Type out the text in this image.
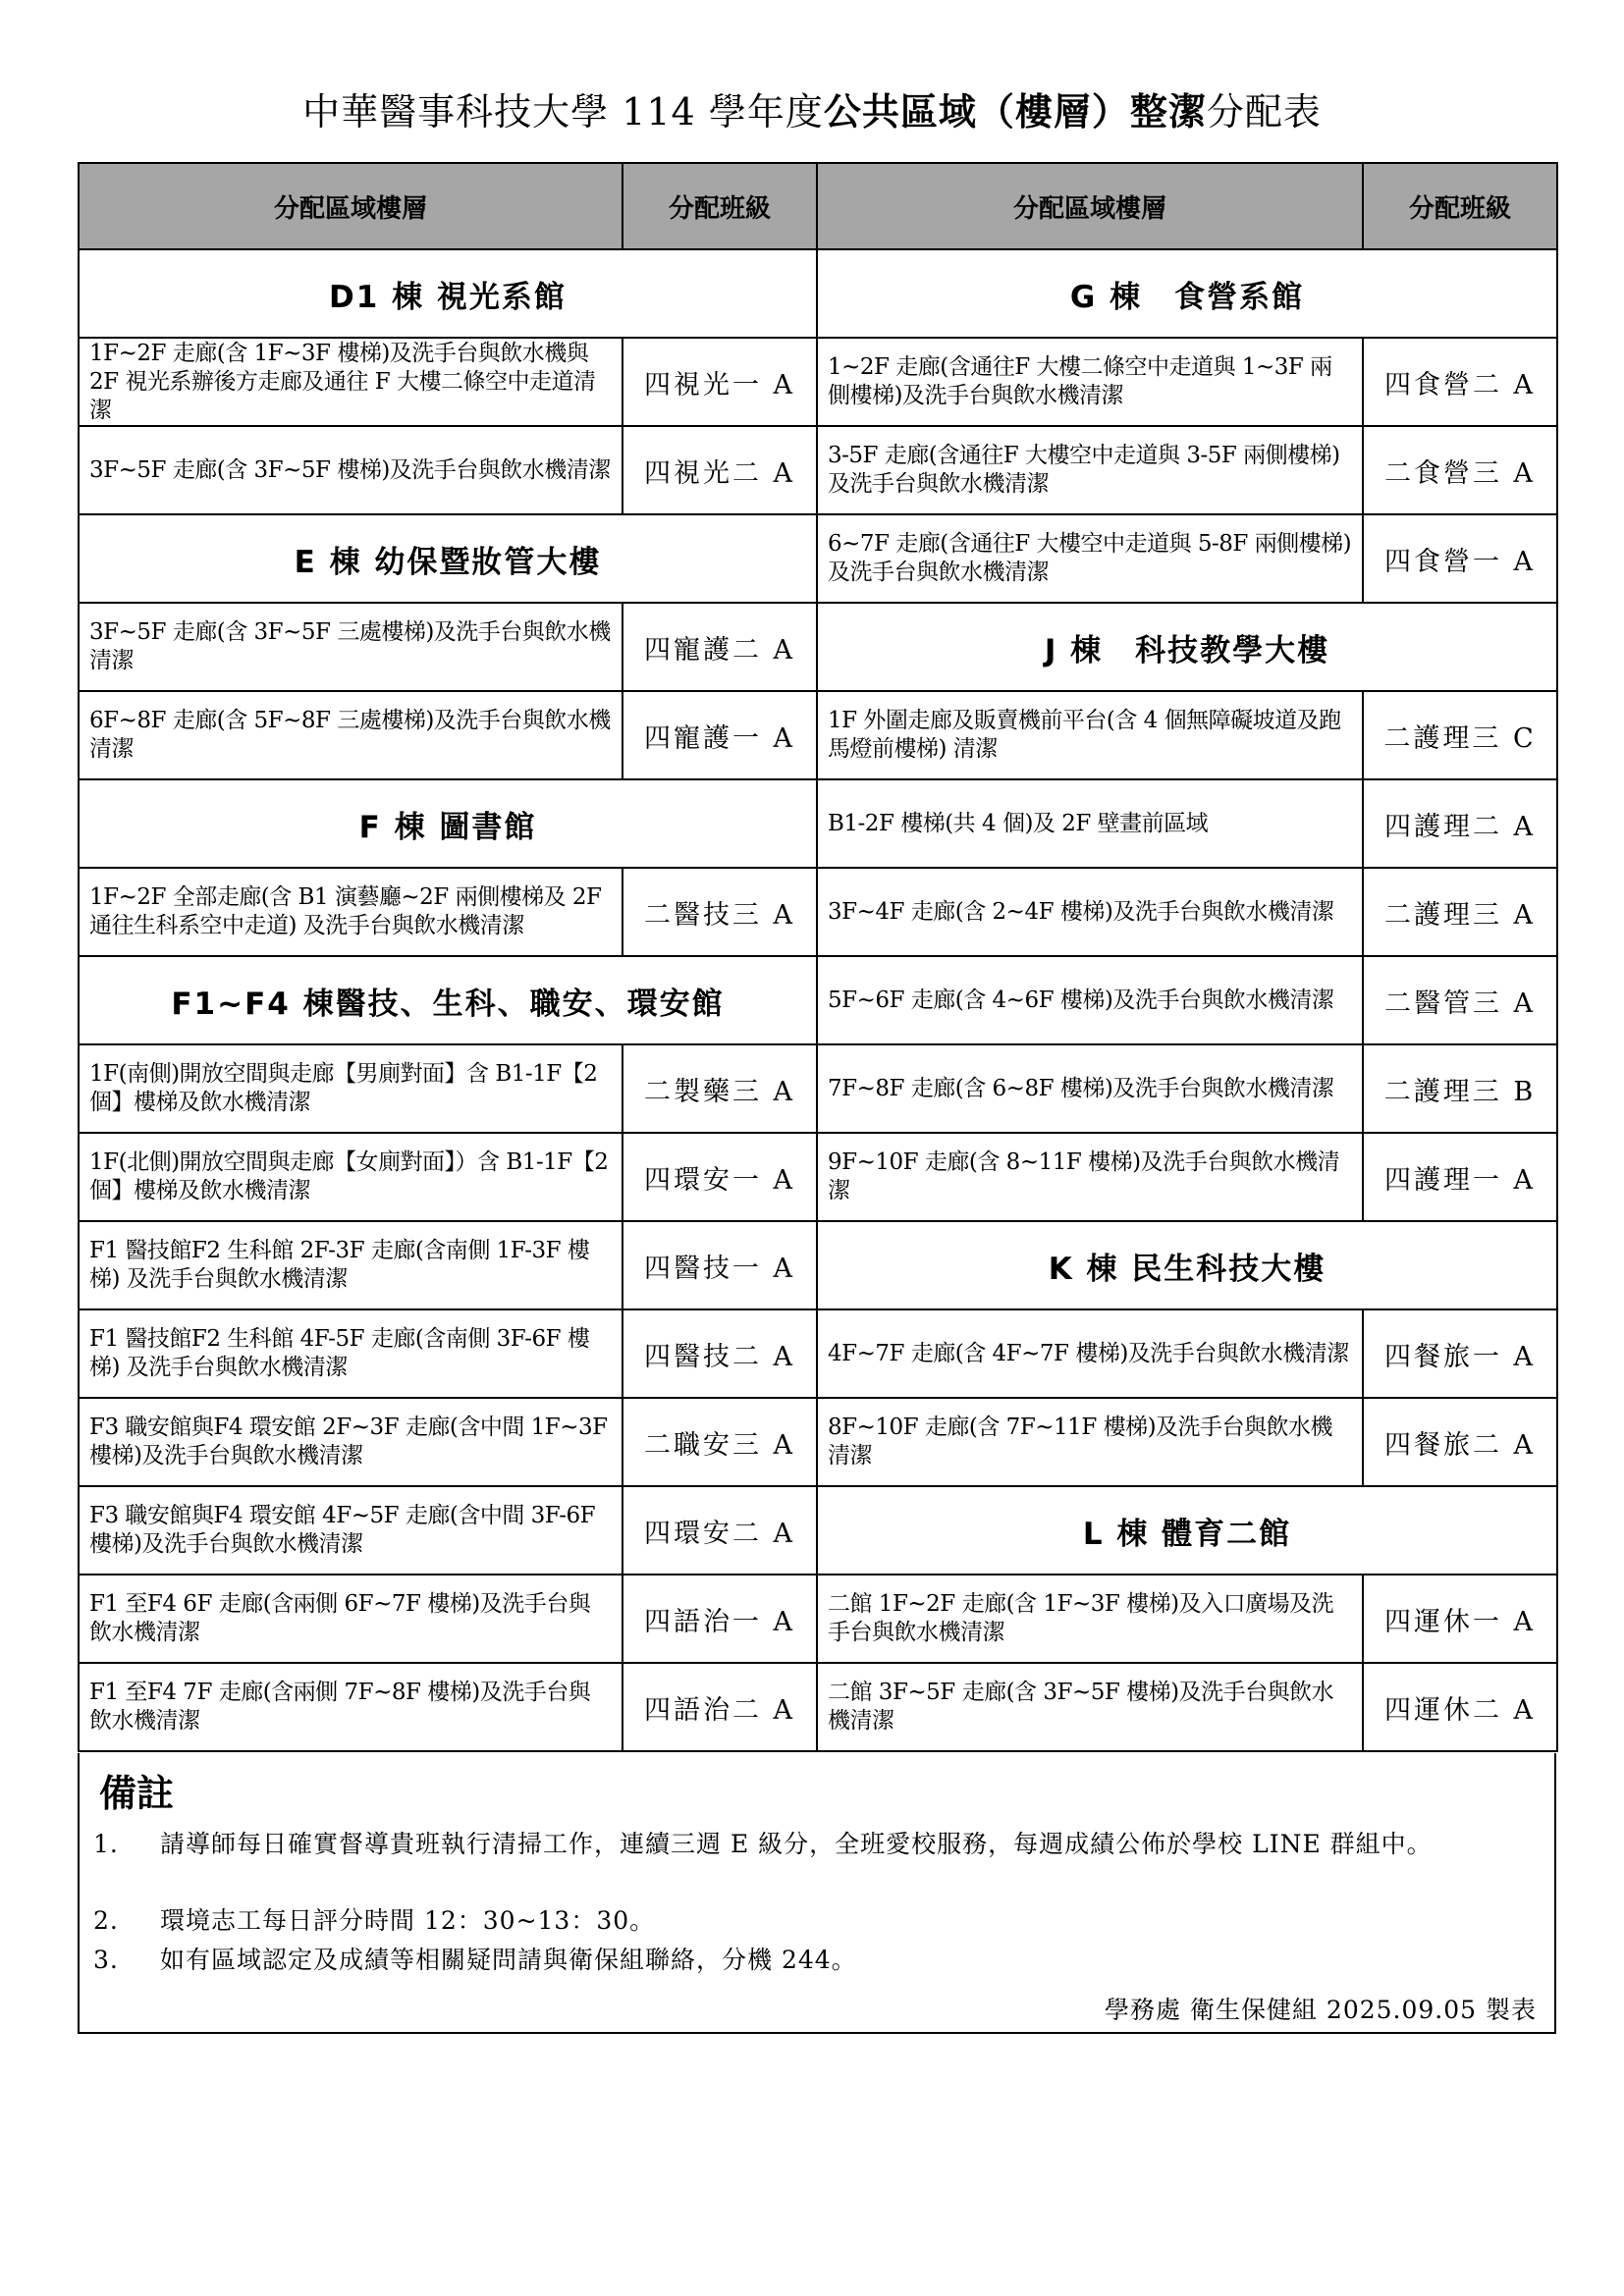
中華醫事科技大學 114 學年度公共區域（樓層）整潔分配表
分配區域樓層	分配班級	分配區域樓層	分配班級
D1 棟 視光系館		G 棟　食營系館	
1F~2F 走廊(含 1F~3F 樓梯)及洗手台與飲水機與 2F 視光系辦後方走廊及通往 F 大樓二條空中走道清潔	四視光一 A	1~2F 走廊(含通往F 大樓二條空中走道與 1~3F 兩側樓梯)及洗手台與飲水機清潔	四食營二 A
3F~5F 走廊(含 3F~5F 樓梯)及洗手台與飲水機清潔	四視光二 A	3-5F 走廊(含通往F 大樓空中走道與 3-5F 兩側樓梯)及洗手台與飲水機清潔	二食營三 A
E 棟 幼保暨妝管大樓		6~7F 走廊(含通往F 大樓空中走道與 5-8F 兩側樓梯)及洗手台與飲水機清潔	四食營一 A
3F~5F 走廊(含 3F~5F 三處樓梯)及洗手台與飲水機清潔	四寵護二 A	J 棟　科技教學大樓	
6F~8F 走廊(含 5F~8F 三處樓梯)及洗手台與飲水機清潔	四寵護一 A	1F 外圍走廊及販賣機前平台(含 4 個無障礙坡道及跑馬燈前樓梯) 清潔	二護理三 C
F 棟 圖書館		B1-2F 樓梯(共 4 個)及 2F 壁畫前區域	四護理二 A
1F~2F 全部走廊(含 B1 演藝廳~2F 兩側樓梯及 2F 通往生科系空中走道) 及洗手台與飲水機清潔	二醫技三 A	3F~4F 走廊(含 2~4F 樓梯)及洗手台與飲水機清潔	二護理三 A
F1~F4 棟醫技、生科、職安、環安館		5F~6F 走廊(含 4~6F 樓梯)及洗手台與飲水機清潔	二醫管三 A
1F(南側)開放空間與走廊【男廁對面】含 B1-1F【2 個】樓梯及飲水機清潔	二製藥三 A	7F~8F 走廊(含 6~8F 樓梯)及洗手台與飲水機清潔	二護理三 B
1F(北側)開放空間與走廊【女廁對面】）含 B1-1F【2 個】樓梯及飲水機清潔	四環安一 A	9F~10F 走廊(含 8~11F 樓梯)及洗手台與飲水機清潔	四護理一 A
F1 醫技館F2 生科館 2F-3F 走廊(含南側 1F-3F 樓梯) 及洗手台與飲水機清潔	四醫技一 A	K 棟 民生科技大樓	
F1 醫技館F2 生科館 4F-5F 走廊(含南側 3F-6F 樓梯) 及洗手台與飲水機清潔	四醫技二 A	4F~7F 走廊(含 4F~7F 樓梯)及洗手台與飲水機清潔	四餐旅一 A
F3 職安館與F4 環安館 2F~3F 走廊(含中間 1F~3F 樓梯)及洗手台與飲水機清潔	二職安三 A	8F~10F 走廊(含 7F~11F 樓梯)及洗手台與飲水機清潔	四餐旅二 A
F3 職安館與F4 環安館 4F~5F 走廊(含中間 3F-6F 樓梯)及洗手台與飲水機清潔	四環安二 A	L 棟 體育二館	
F1 至F4 6F 走廊(含兩側 6F~7F 樓梯)及洗手台與飲水機清潔	四語治一 A	二館 1F~2F 走廊(含 1F~3F 樓梯)及入口廣場及洗手台與飲水機清潔	四運休一 A
F1 至F4 7F 走廊(含兩側 7F~8F 樓梯)及洗手台與飲水機清潔	四語治二 A	二館 3F~5F 走廊(含 3F~5F 樓梯)及洗手台與飲水機清潔	四運休二 A
備註
1. 請導師每日確實督導貴班執行清掃工作，連續三週 E 級分，全班愛校服務，每週成績公佈於學校 LINE 群組中。
2. 環境志工每日評分時間 12：30~13：30。
3. 如有區域認定及成績等相關疑問請與衛保組聯絡，分機 244。
學務處 衛生保健組 2025.09.05 製表
